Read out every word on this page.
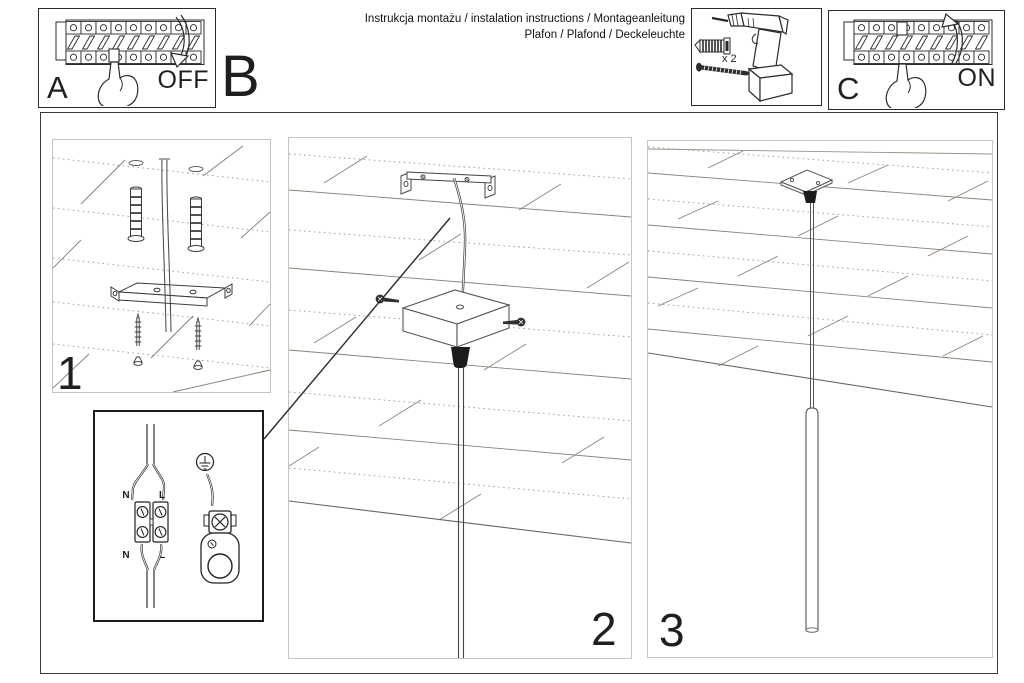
A	OFF B
Instrukcja montażu / instalation instructions / Montageanleitung
Plafon / Plafond / Deckeleuchte
x 2
C	ON
1
N	L
N	L
2 3
